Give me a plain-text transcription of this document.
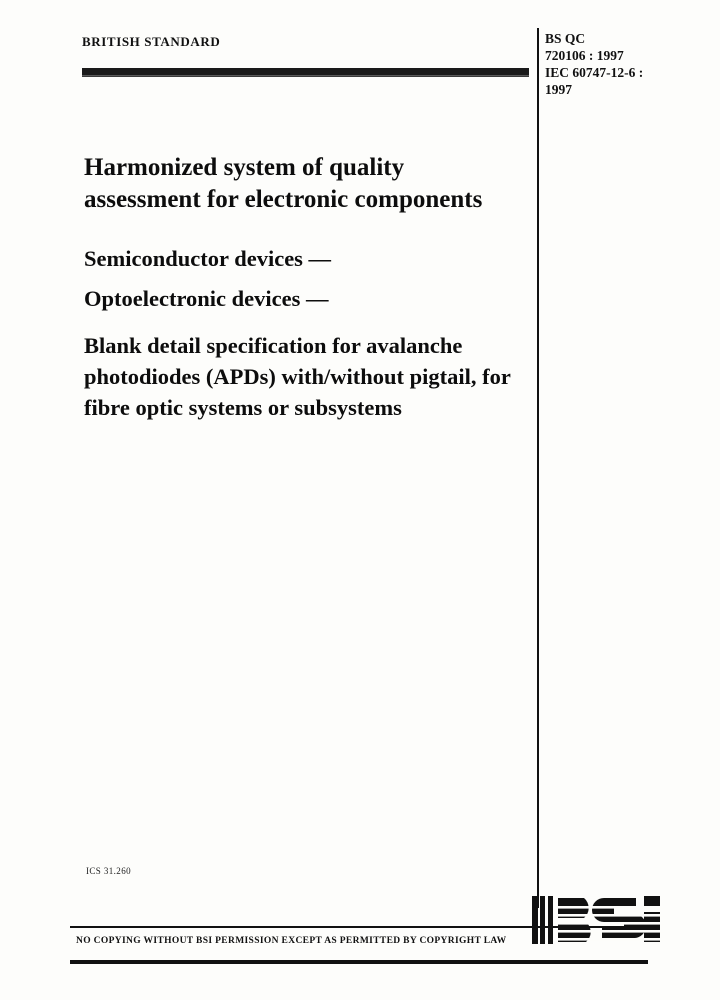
BRITISH STANDARD	BS QC
720106 : 1997
IEC 60747-12-6 :
1997
Harmonized system of quality assessment for electronic components
Semiconductor devices —
Optoelectronic devices —
Blank detail specification for avalanche photodiodes (APDs) with/without pigtail, for fibre optic systems or subsystems
ICS 31.260
NO COPYING WITHOUT BSI PERMISSION EXCEPT AS PERMITTED BY COPYRIGHT LAW
